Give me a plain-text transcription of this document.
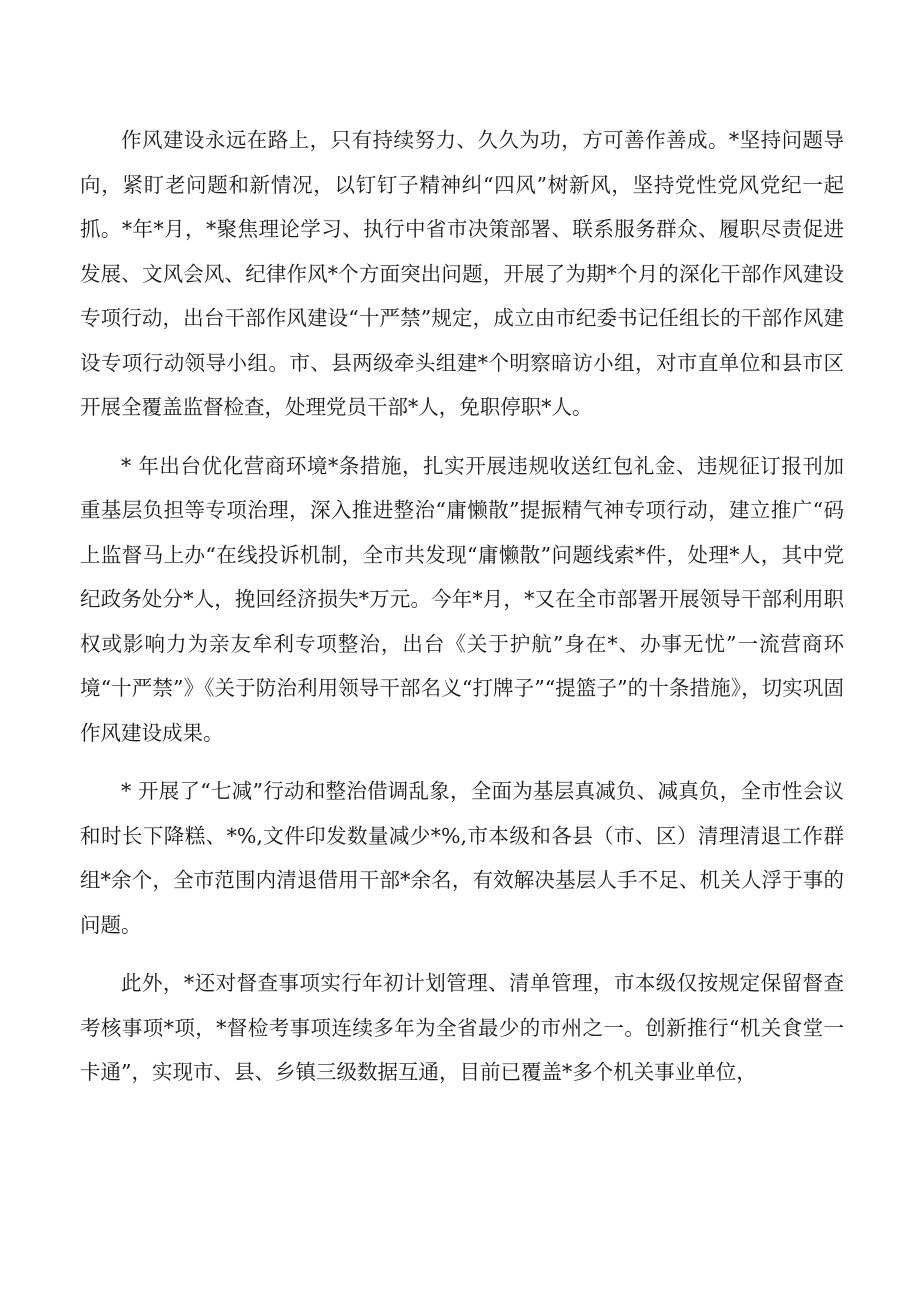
作风建设永远在路上，只有持续努力、久久为功，方可善作善成。*坚持问题导向，紧盯老问题和新情况，以钉钉子精神纠“四风”树新风，坚持党性党风党纪一起抓。*年*月，*聚焦理论学习、执行中省市决策部署、联系服务群众、履职尽责促进发展、文风会风、纪律作风*个方面突出问题，开展了为期*个月的深化干部作风建设专项行动，出台干部作风建设“十严禁”规定，成立由市纪委书记任组长的干部作风建设专项行动领导小组。市、县两级牵头组建*个明察暗访小组，对市直单位和县市区开展全覆盖监督检查，处理党员干部*人，免职停职*人。

* 年出台优化营商环境*条措施，扎实开展违规收送红包礼金、违规征订报刊加重基层负担等专项治理，深入推进整治“庸懒散”提振精气神专项行动，建立推广“码上监督马上办“在线投诉机制，全市共发现“庸懒散”问题线索*件，处理*人，其中党纪政务处分*人，挽回经济损失*万元。今年*月，*又在全市部署开展领导干部利用职权或影响力为亲友牟利专项整治，出台《关于护航”身在*、办事无忧”一流营商环境“十严禁”》《关于防治利用领导干部名义“打牌子”“提篮子”的十条措施》，切实巩固作风建设成果。

* 开展了“七减”行动和整治借调乱象，全面为基层真减负、减真负，全市性会议和时长下降糕、*%,文件印发数量减少*%,市本级和各县（市、区）清理清退工作群组*余个，全市范围内清退借用干部*余名，有效解决基层人手不足、机关人浮于事的问题。

此外，*还对督查事项实行年初计划管理、清单管理，市本级仅按规定保留督查考核事项*项，*督检考事项连续多年为全省最少的市州之一。创新推行“机关食堂一卡通”，实现市、县、乡镇三级数据互通，目前已覆盖*多个机关事业单位，
